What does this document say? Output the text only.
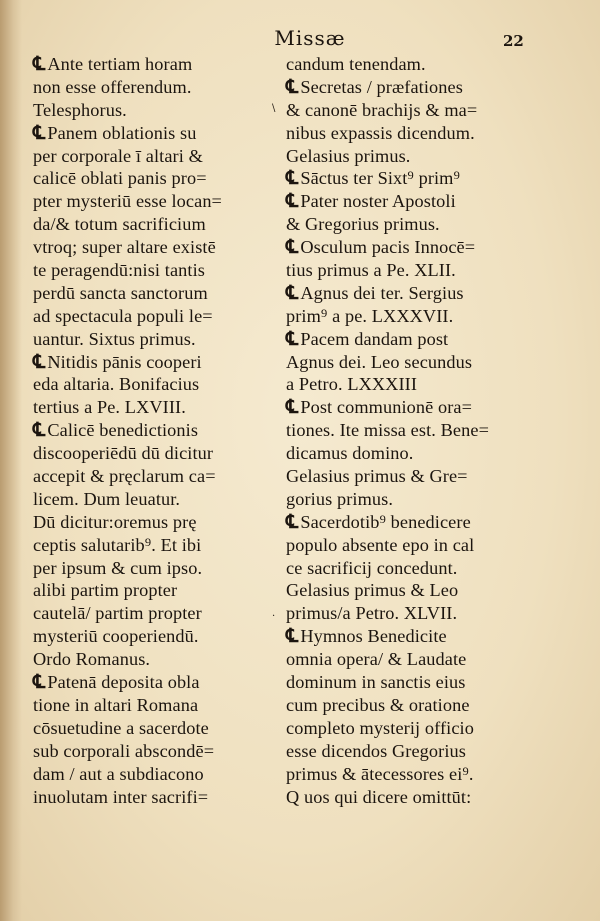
Missæ	22
℄ Ante tertiam horam
non esse offerendum.
Telesphorus.
℄ Panem oblationis su
per corporale ī altari &
calicē oblati panis pro=
pter mysteriū esse locan=
da/& totum sacrificium
vtroq; super altare existē
te peragendū:nisi tantis
perdū sancta sanctorum
ad spectacula populi le=
uantur. Sixtus primus.
℄ Nitidis pānis cooperi
eda altaria. Bonifacius
tertius a Pe. LXVIII.
℄ Calicē benedictionis
discooperiēdū dū dicitur
accepit & pręclarum ca=
licem. Dum leuatur.
Dū dicitur:oremus prę
ceptis salutarib⁹. Et ibi
per ipsum & cum ipso.
alibi partim propter
cautelā/ partim propter
mysteriū cooperiendū.
Ordo Romanus.
℄ Patenā deposita obla
tione in altari Romana
cōsuetudine a sacerdote
sub corporali abscondē=
dam / aut a subdiacono
inuolutam inter sacrifi=
candum tenendam.
℄ Secretas / præfationes
& canonē brachijs & ma=
nibus expassis dicendum.
Gelasius primus.
℄ Sāctus ter Sixt⁹ prim⁹
℄ Pater noster Apostoli
& Gregorius primus.
℄ Osculum pacis Innocē=
tius primus a Pe. XLII.
℄ Agnus dei ter. Sergius
prim⁹ a pe. LXXXVII.
℄ Pacem dandam post
Agnus dei. Leo secundus
a Petro. LXXXIII
℄ Post communionē ora=
tiones. Ite missa est. Bene=
dicamus domino.
Gelasius primus & Gre=
gorius primus.
℄ Sacerdotib⁹ benedicere
populo absente epo in cal
ce sacrificij concedunt.
Gelasius primus & Leo
primus/a Petro. XLVII.
℄ Hymnos Benedicite
omnia opera/ & Laudate
dominum in sanctis eius
cum precibus & oratione
completo mysterij officio
esse dicendos Gregorius
primus & ātecessores ei⁹.
Q uos qui dicere omittūt:
\
.
